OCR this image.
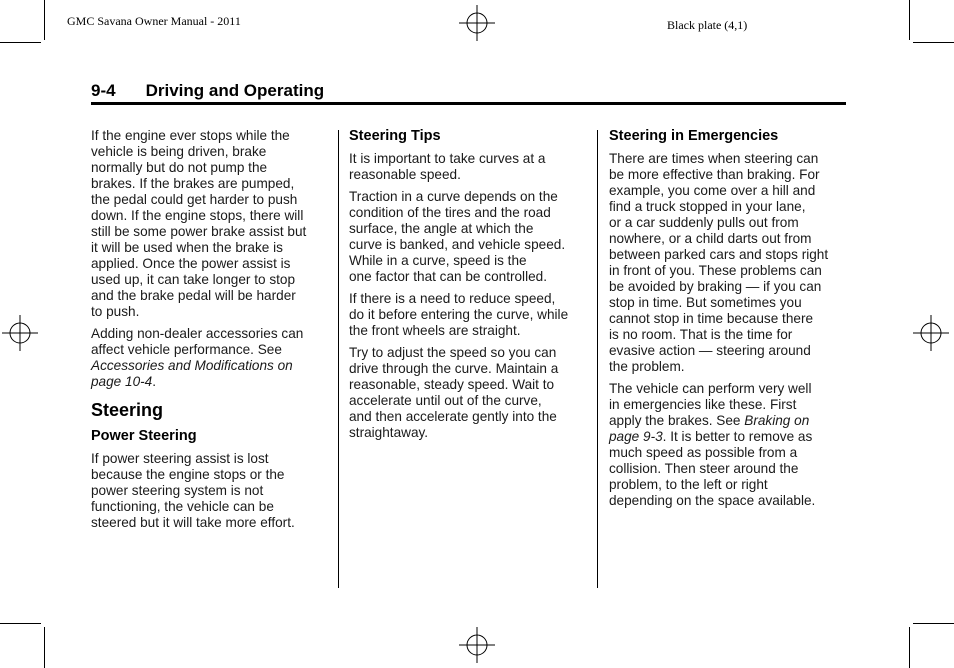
GMC Savana Owner Manual - 2011	Black plate (4,1)
9-4 Driving and Operating

If the engine ever stops while the
vehicle is being driven, brake
normally but do not pump the
brakes. If the brakes are pumped,
the pedal could get harder to push
down. If the engine stops, there will
still be some power brake assist but
it will be used when the brake is
applied. Once the power assist is
used up, it can take longer to stop
and the brake pedal will be harder
to push.

Adding non-dealer accessories can
affect vehicle performance. See
Accessories and Modifications on
page 10-4.

Steering
Power Steering

If power steering assist is lost
because the engine stops or the
power steering system is not
functioning, the vehicle can be
steered but it will take more effort.

Steering Tips

It is important to take curves at a
reasonable speed.

Traction in a curve depends on the
condition of the tires and the road
surface, the angle at which the
curve is banked, and vehicle speed.
While in a curve, speed is the
one factor that can be controlled.

If there is a need to reduce speed,
do it before entering the curve, while
the front wheels are straight.

Try to adjust the speed so you can
drive through the curve. Maintain a
reasonable, steady speed. Wait to
accelerate until out of the curve,
and then accelerate gently into the
straightaway.

Steering in Emergencies

There are times when steering can
be more effective than braking. For
example, you come over a hill and
find a truck stopped in your lane,
or a car suddenly pulls out from
nowhere, or a child darts out from
between parked cars and stops right
in front of you. These problems can
be avoided by braking — if you can
stop in time. But sometimes you
cannot stop in time because there
is no room. That is the time for
evasive action — steering around
the problem.

The vehicle can perform very well
in emergencies like these. First
apply the brakes. See Braking on
page 9-3. It is better to remove as
much speed as possible from a
collision. Then steer around the
problem, to the left or right
depending on the space available.
